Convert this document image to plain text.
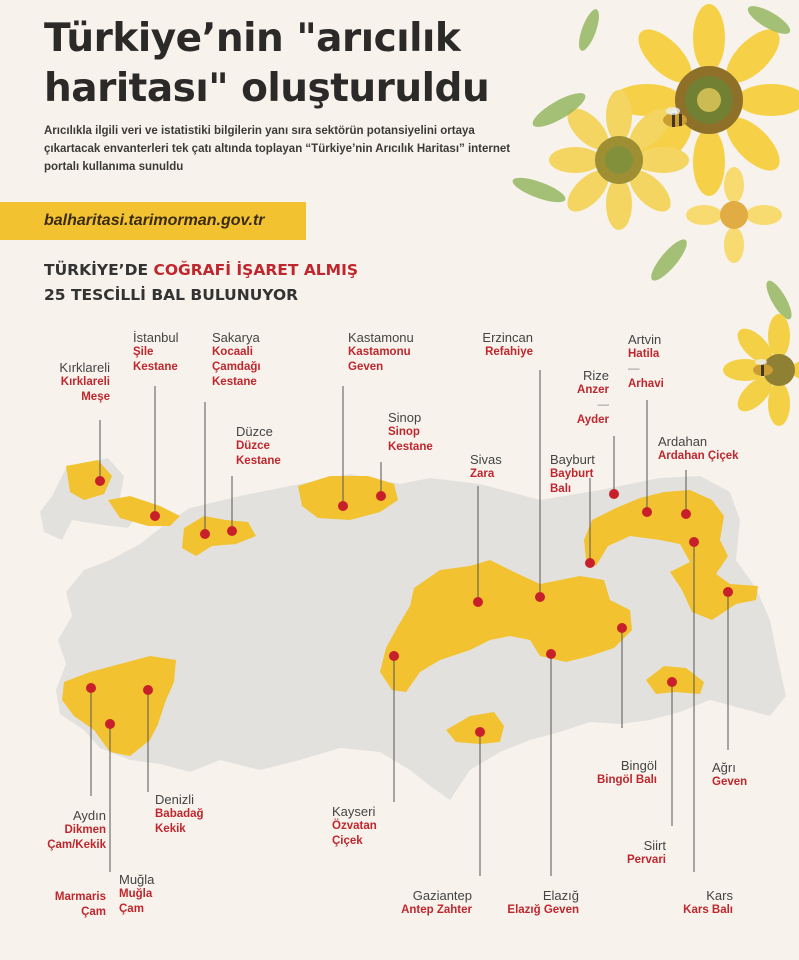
Türkiye’nin "arıcılık haritası" oluşturuldu

Arıcılıkla ilgili veri ve istatistiki bilgilerin yanı sıra sektörün potansiyelini ortaya çıkartacak envanterleri tek çatı altında toplayan “Türkiye’nin Arıcılık Haritası” internet portalı kullanıma sunuldu

balharitasi.tarimorman.gov.tr
TÜRKİYE’DE COĞRAFİ İŞARET ALMIŞ
25 TESCİLLİ BAL BULUNUYOR
Kırklareli
Kırklareli
Meşe
İstanbul
Şile
Kestane
Sakarya
Kocaali
Çamdağı
Kestane
Düzce
Düzce
Kestane
Kastamonu
Kastamonu
Geven
Sinop
Sinop
Kestane
Erzincan
Refahiye
Sivas
Zara
Rize
Anzer
—
Ayder
Bayburt
Bayburt
Balı
Artvin
Hatila
—
Arhavi
Ardahan
Ardahan Çiçek
Aydın
Dikmen
Çam/Kekik
Denizli
Babadağ
Kekik
Muğla
Muğla
Çam
Marmaris
Çam
Kayseri
Özvatan
Çiçek
Gaziantep
Antep Zahter
Elazığ
Elazığ Geven
Bingöl
Bingöl Balı
Ağrı
Geven
Siirt
Pervari
Kars
Kars Balı
